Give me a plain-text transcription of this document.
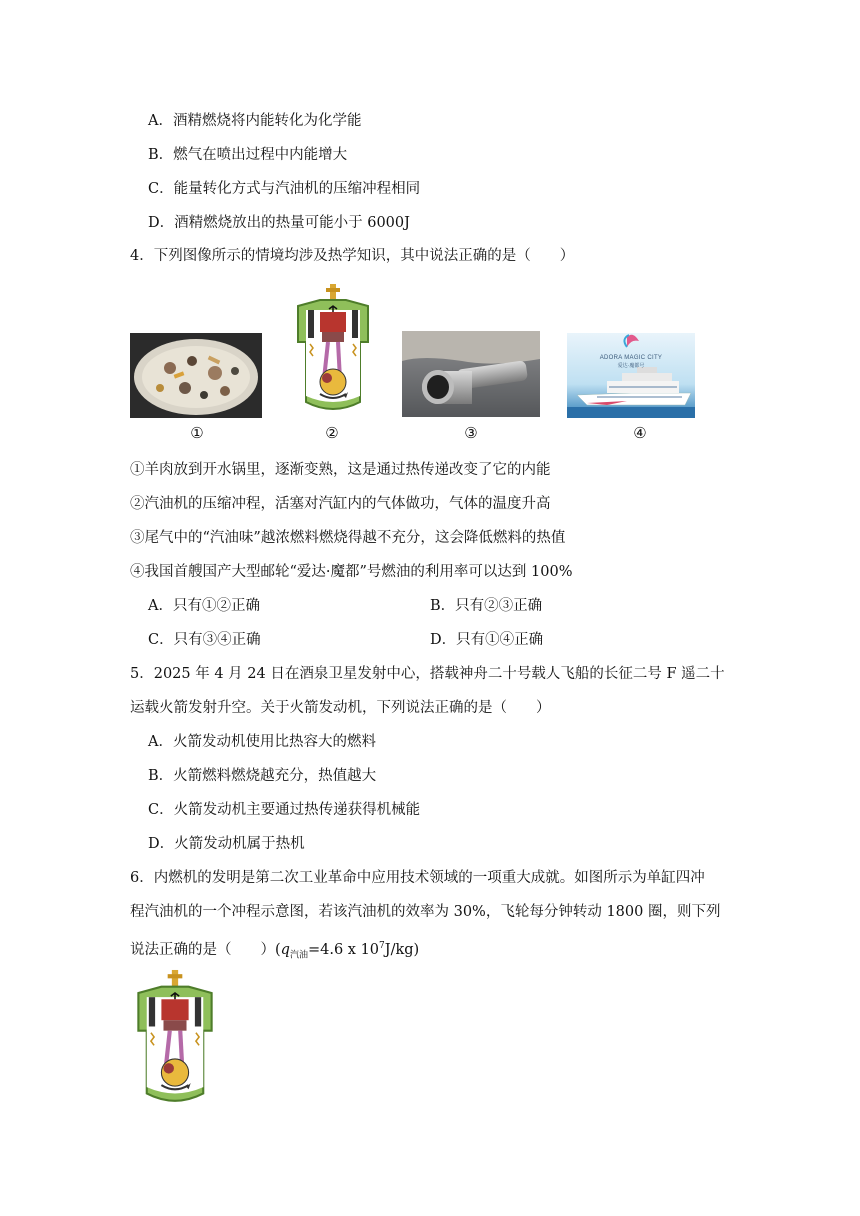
A．酒精燃烧将内能转化为化学能
B．燃气在喷出过程中内能增大
C．能量转化方式与汽油机的压缩冲程相同
D．酒精燃烧放出的热量可能小于 6000J
4．下列图像所示的情境均涉及热学知识，其中说法正确的是（　　）
ADORA MAGIC CITY
爱达·魔都号
①	②	③	④
①羊肉放到开水锅里，逐渐变熟，这是通过热传递改变了它的内能
②汽油机的压缩冲程，活塞对汽缸内的气体做功，气体的温度升高
③尾气中的“汽油味”越浓燃料燃烧得越不充分，这会降低燃料的热值
④我国首艘国产大型邮轮“爱达·魔都”号燃油的利用率可以达到 100%
A．只有①②正确	B．只有②③正确
C．只有③④正确	D．只有①④正确
5．2025 年 4 月 24 日在酒泉卫星发射中心，搭载神舟二十号载人飞船的长征二号 F 遥二十
运载火箭发射升空。关于火箭发动机，下列说法正确的是（　　）
A．火箭发动机使用比热容大的燃料
B．火箭燃料燃烧越充分，热值越大
C．火箭发动机主要通过热传递获得机械能
D．火箭发动机属于热机
6．内燃机的发明是第二次工业革命中应用技术领域的一项重大成就。如图所示为单缸四冲
程汽油机的一个冲程示意图，若该汽油机的效率为 30%，飞轮每分钟转动 1800 圈，则下列
说法正确的是（　　）($q_{汽油}=4.6$ x $10^7J/kg$)
